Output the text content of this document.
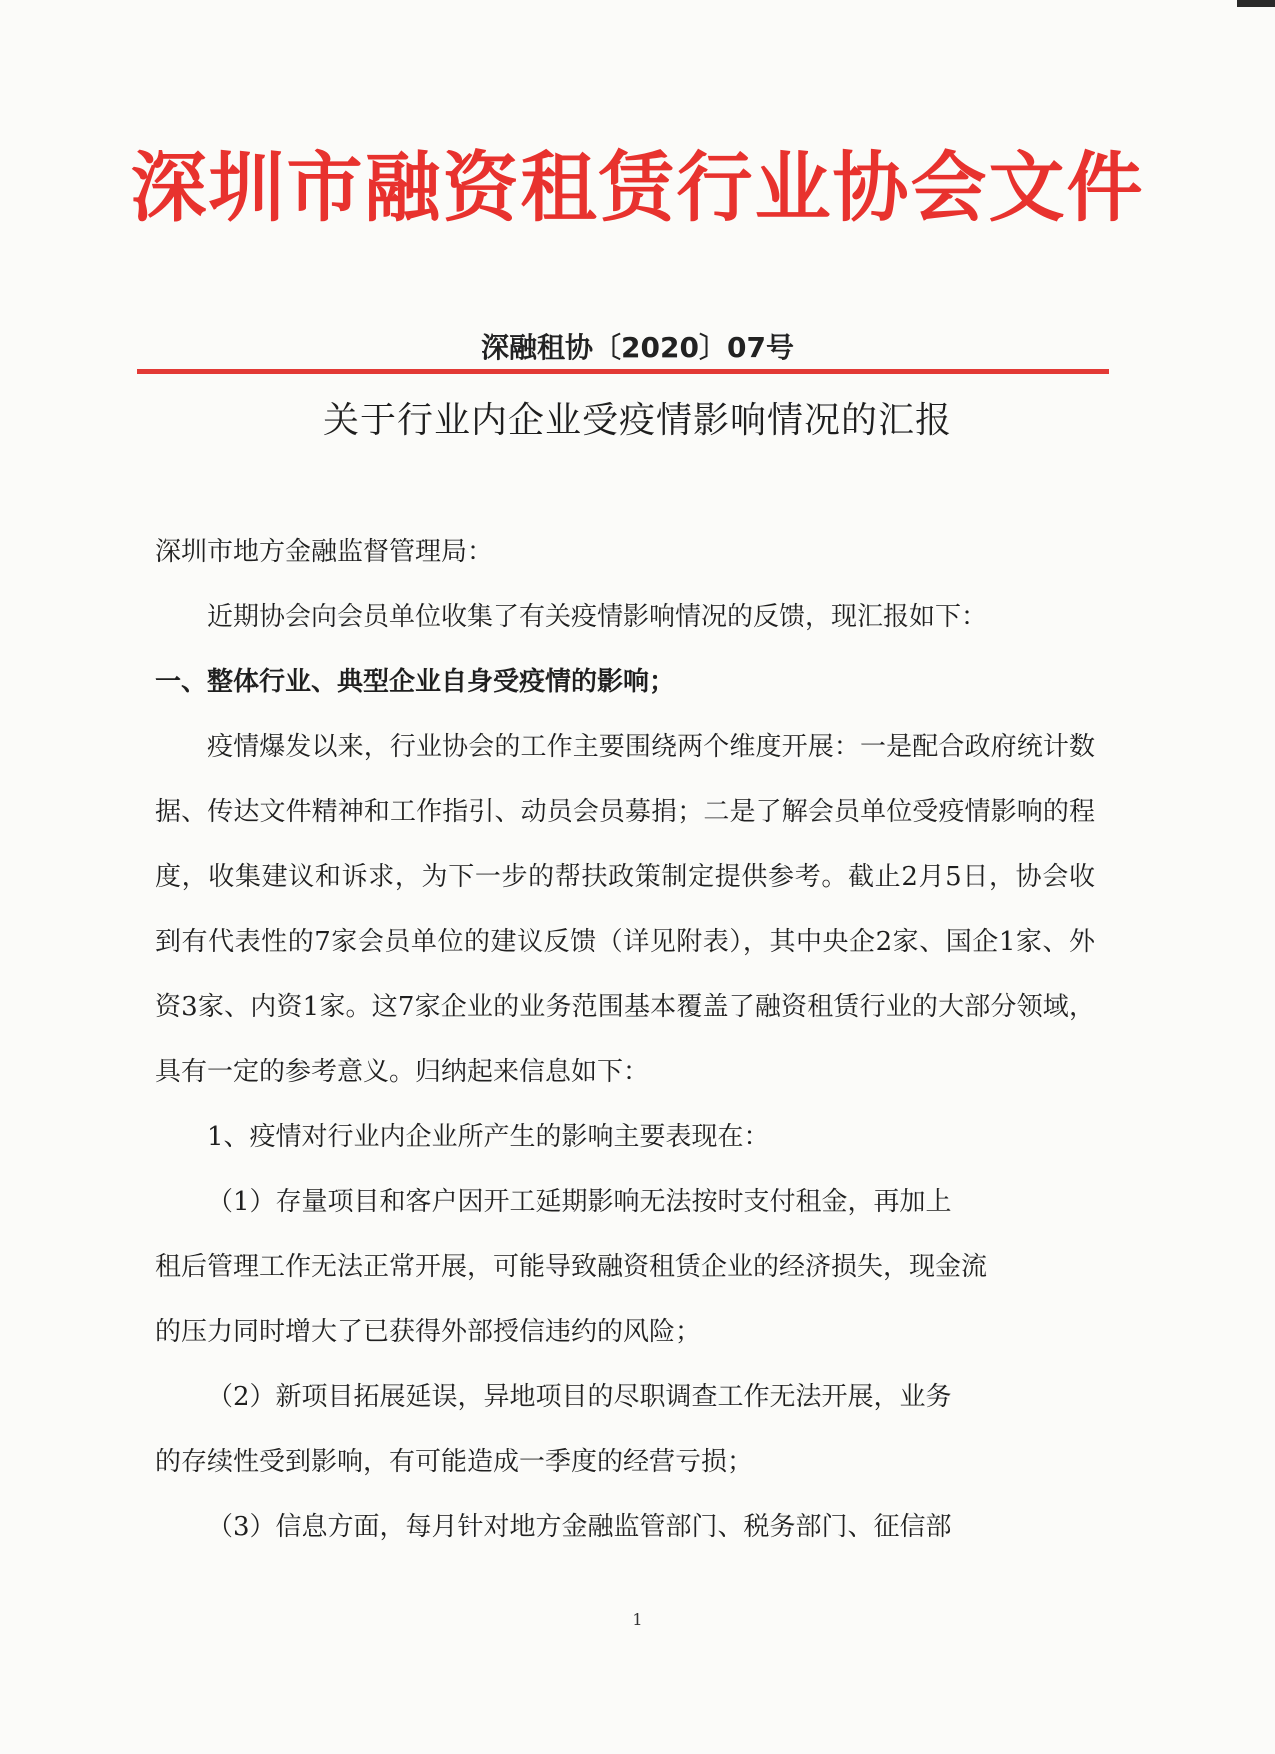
深圳市融资租赁行业协会文件
深融租协〔2020〕07号
关于行业内企业受疫情影响情况的汇报

深圳市地方金融监督管理局：

近期协会向会员单位收集了有关疫情影响情况的反馈，现汇报如下：

一、整体行业、典型企业自身受疫情的影响；

疫情爆发以来，行业协会的工作主要围绕两个维度开展：一是配合政府统计数据、传达文件精神和工作指引、动员会员募捐；二是了解会员单位受疫情影响的程度，收集建议和诉求，为下一步的帮扶政策制定提供参考。截止2月5日，协会收到有代表性的7家会员单位的建议反馈（详见附表），其中央企2家、国企1家、外资3家、内资1家。这7家企业的业务范围基本覆盖了融资租赁行业的大部分领域，具有一定的参考意义。归纳起来信息如下：

1、疫情对行业内企业所产生的影响主要表现在：

（1）存量项目和客户因开工延期影响无法按时支付租金，再加上

租后管理工作无法正常开展，可能导致融资租赁企业的经济损失，现金流

的压力同时增大了已获得外部授信违约的风险；

（2）新项目拓展延误，异地项目的尽职调查工作无法开展，业务

的存续性受到影响，有可能造成一季度的经营亏损；

（3）信息方面，每月针对地方金融监管部门、税务部门、征信部

1
